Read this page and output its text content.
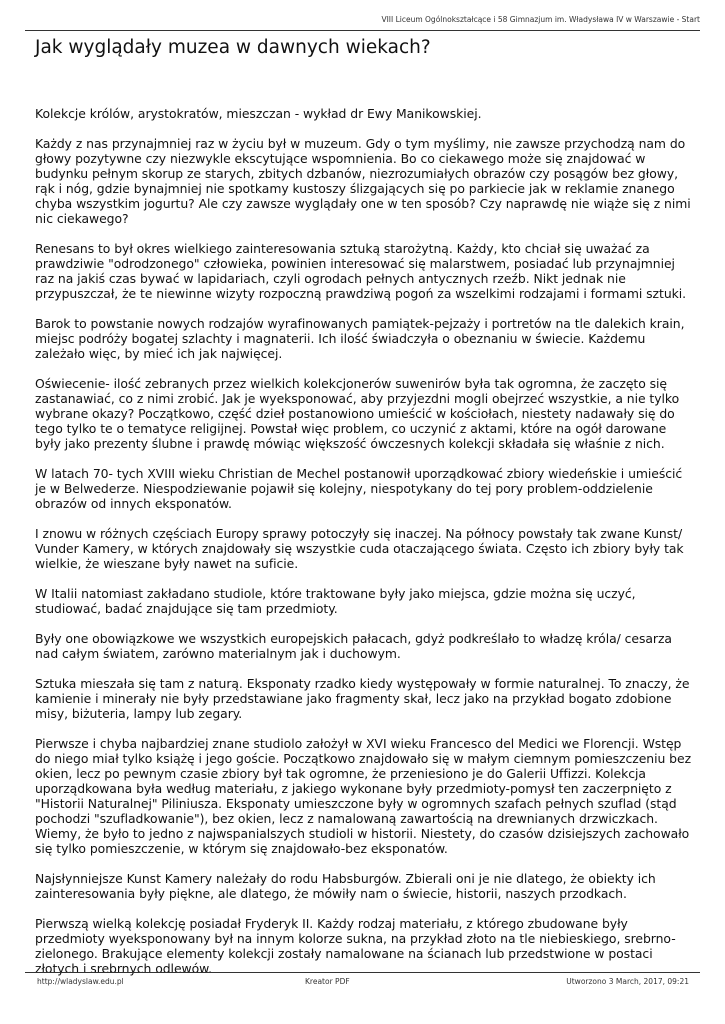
VIII Liceum Ogólnokształcące i 58 Gimnazjum im. Władysława IV w Warszawie - Start
Jak wyglądały muzea w dawnych wiekach?

Kolekcje królów, arystokratów, mieszczan - wykład dr Ewy Manikowskiej.

Każdy z nas przynajmniej raz w życiu był w muzeum. Gdy o tym myślimy, nie zawsze przychodzą nam do głowy pozytywne czy niezwykle ekscytujące wspomnienia. Bo co ciekawego może się znajdować w budynku pełnym skorup ze starych, zbitych dzbanów, niezrozumiałych obrazów czy posągów bez głowy, rąk i nóg, gdzie bynajmniej nie spotkamy kustoszy ślizgających się po parkiecie jak w reklamie znanego chyba wszystkim jogurtu? Ale czy zawsze wyglądały one w ten sposób? Czy naprawdę nie wiąże się z nimi nic ciekawego?

Renesans to był okres wielkiego zainteresowania sztuką starożytną. Każdy, kto chciał się uważać za prawdziwie "odrodzonego" człowieka, powinien interesować się malarstwem, posiadać lub przynajmniej raz na jakiś czas bywać w lapidariach, czyli ogrodach pełnych antycznych rzeźb. Nikt jednak nie przypuszczał, że te niewinne wizyty rozpoczną prawdziwą pogoń za wszelkimi rodzajami i formami sztuki.

Barok to powstanie nowych rodzajów wyrafinowanych pamiątek-pejzaży i portretów na tle dalekich krain, miejsc podróży bogatej szlachty i magnaterii. Ich ilość świadczyła o obeznaniu w świecie. Każdemu zależało więc, by mieć ich jak najwięcej.

Oświecenie- ilość zebranych przez wielkich kolekcjonerów suwenirów była tak ogromna, że zaczęto się zastanawiać, co z nimi zrobić. Jak je wyeksponować, aby przyjezdni mogli obejrzeć wszystkie, a nie tylko wybrane okazy? Początkowo, część dzieł postanowiono umieścić w kościołach, niestety nadawały się do tego tylko te o tematyce religijnej. Powstał więc problem, co uczynić z aktami, które na ogół darowane były jako prezenty ślubne i prawdę mówiąc większość ówczesnych kolekcji składała się właśnie z nich.

W latach 70- tych XVIII wieku Christian de Mechel postanowił uporządkować zbiory wiedeńskie i umieścić je w Belwederze. Niespodziewanie pojawił się kolejny, niespotykany do tej pory problem-oddzielenie obrazów od innych eksponatów.

I znowu w różnych częściach Europy sprawy potoczyły się inaczej. Na północy powstały tak zwane Kunst/ Vunder Kamery, w których znajdowały się wszystkie cuda otaczającego świata. Często ich zbiory były tak wielkie, że wieszane były nawet na suficie.

W Italii natomiast zakładano studiole, które traktowane były jako miejsca, gdzie można się uczyć, studiować, badać znajdujące się tam przedmioty.

Były one obowiązkowe we wszystkich europejskich pałacach, gdyż podkreślało to władzę króla/ cesarza nad całym światem, zarówno materialnym jak i duchowym.

Sztuka mieszała się tam z naturą. Eksponaty rzadko kiedy występowały w formie naturalnej. To znaczy, że kamienie i minerały nie były przedstawiane jako fragmenty skał, lecz jako na przykład bogato zdobione misy, biżuteria, lampy lub zegary.

Pierwsze i chyba najbardziej znane studiolo założył w XVI wieku Francesco del Medici we Florencji. Wstęp do niego miał tylko książę i jego goście. Początkowo znajdowało się w małym ciemnym pomieszczeniu bez okien, lecz po pewnym czasie zbiory był tak ogromne, że przeniesiono je do Galerii Uffizzi. Kolekcja uporządkowana była według materiału, z jakiego wykonane były przedmioty-pomysł ten zaczerpnięto z "Historii Naturalnej" Piliniusza. Eksponaty umieszczone były w ogromnych szafach pełnych szuflad (stąd pochodzi "szufladkowanie"), bez okien, lecz z namalowaną zawartością na drewnianych drzwiczkach. Wiemy, że było to jedno z najwspanialszych studioli w historii. Niestety, do czasów dzisiejszych zachowało się tylko pomieszczenie, w którym się znajdowało-bez eksponatów.

Najsłynniejsze Kunst Kamery należały do rodu Habsburgów. Zbierali oni je nie dlatego, że obiekty ich zainteresowania były piękne, ale dlatego, że mówiły nam o świecie, historii, naszych przodkach.

Pierwszą wielką kolekcję posiadał Fryderyk II. Każdy rodzaj materiału, z którego zbudowane były przedmioty wyeksponowany był na innym kolorze sukna, na przykład złoto na tle niebieskiego, srebrno-zielonego. Brakujące elementy kolekcji zostały namalowane na ścianach lub przedstwione w postaci złotych i srebrnych odlewów.

http://wladyslaw.edu.pl	Kreator PDF	Utworzono 3 March, 2017, 09:21
